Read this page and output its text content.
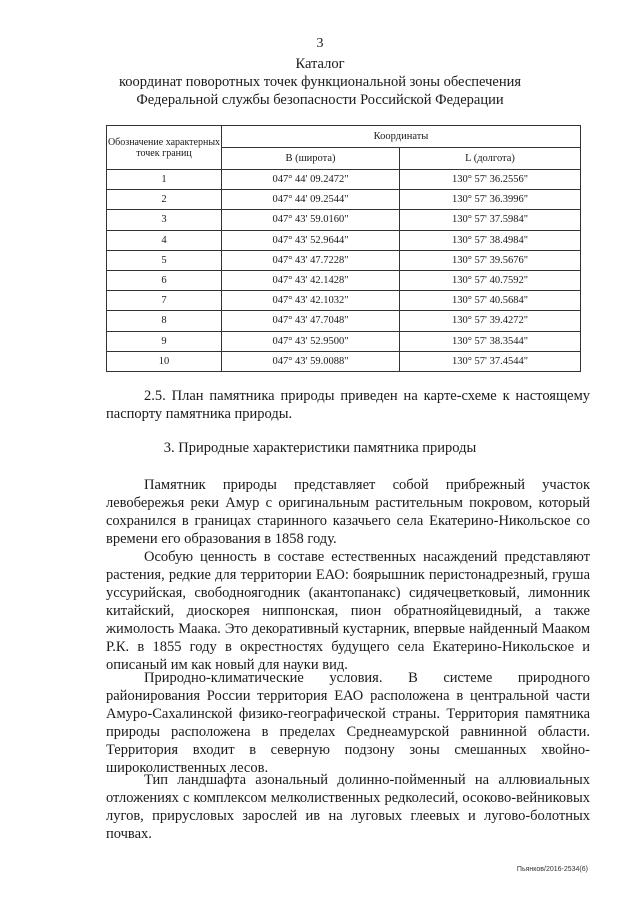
3
Каталог
координат поворотных точек функциональной зоны обеспечения
Федеральной службы безопасности Российской Федерации
Обозначение характерных точек границ	Координаты	
	B (широта)	L (долгота)
1	047° 44' 09.2472"	130° 57' 36.2556"
2	047° 44' 09.2544"	130° 57' 36.3996"
3	047° 43' 59.0160"	130° 57' 37.5984"
4	047° 43' 52.9644"	130° 57' 38.4984"
5	047° 43' 47.7228"	130° 57' 39.5676"
6	047° 43' 42.1428"	130° 57' 40.7592"
7	047° 43' 42.1032"	130° 57' 40.5684"
8	047° 43' 47.7048"	130° 57' 39.4272"
9	047° 43' 52.9500"	130° 57' 38.3544"
10	047° 43' 59.0088"	130° 57' 37.4544"
2.5. План памятника природы приведен на карте-схеме к настоящему паспорту памятника природы.
3. Природные характеристики памятника природы
Памятник природы представляет собой прибрежный участок левобережья реки Амур с оригинальным растительным покровом, который сохранился в границах старинного казачьего села Екатерино-Никольское со времени его образования в 1858 году.
Особую ценность в составе естественных насаждений представляют растения, редкие для территории ЕАО: боярышник перистонадрезный, груша уссурийская, свободноягодник (акантопанакс) сидячецветковый, лимонник китайский, диоскорея ниппонская, пион обратнояйцевидный, а также жимолость Маака. Это декоративный кустарник, впервые найденный Мааком Р.К. в 1855 году в окрестностях будущего села Екатерино-Никольское и описаный им как новый для науки вид.
Природно-климатические условия. В системе природного районирования России территория ЕАО расположена в центральной части Амуро-Сахалинской физико-географической страны. Территория памятника природы расположена в пределах Среднеамурской равнинной области. Территория входит в северную подзону зоны смешанных хвойно-широколиственных лесов.
Тип ландшафта азональный долинно-пойменный на аллювиальных отложениях с комплексом мелколиственных редколесий, осоково-вейниковых лугов, прирусловых зарослей ив на луговых глеевых и лугово-болотных почвах.
Пьянков/2016-2534(6)
